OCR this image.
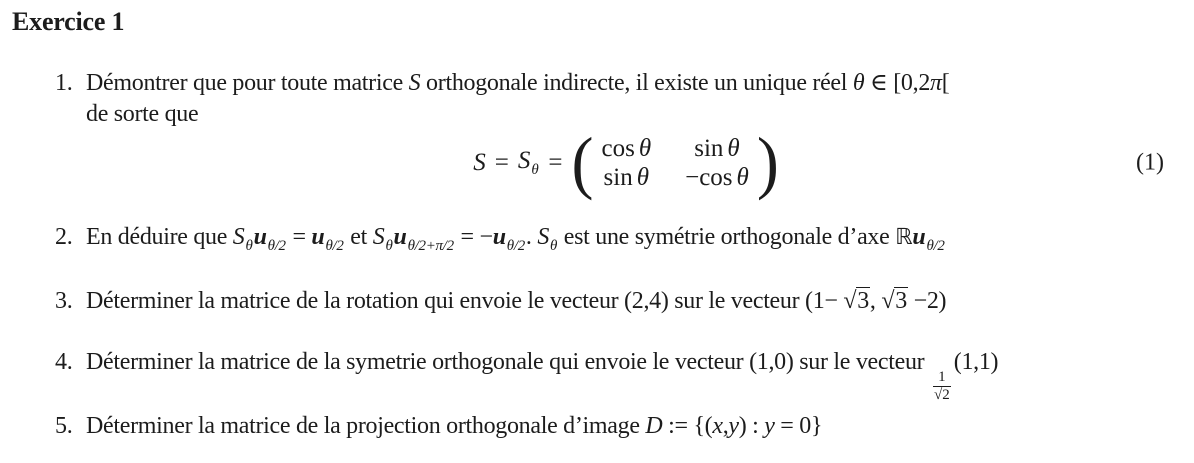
Exercice 1
1. Démontrer que pour toute matrice S orthogonale indirecte, il existe un unique réel θ ∈ [0,2π[
de sorte que
$S = S_\theta$ = ( cos θ	sin θ
sin θ −cos θ )	(1)
2. En déduire que $S_\theta u_{\theta/2} = u_{\theta/2}$ et $S_\theta u_{\theta/2+\pi/2} = -u_{\theta/2}$. $S_\theta$ est une symétrie orthogonale d’axe ℝu$_{\theta/2}$
3. Déterminer la matrice de la rotation qui envoie le vecteur (2,4) sur le vecteur (1− √3, √3 −2)
4. Déterminer la matrice de la symetrie orthogonale qui envoie le vecteur (1,0) sur le vecteur
$\frac{1}{√2}$
(1,1)
5. Déterminer la matrice de la projection orthogonale d’image D := {(x,y) : y = 0}
